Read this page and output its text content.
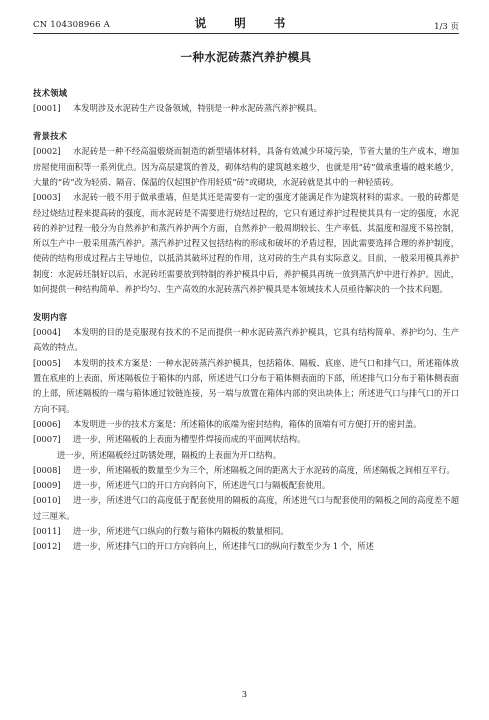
CN 104308966 A	说 明 书	1/3 页
一种水泥砖蒸汽养护模具

技术领域

[0001] 本发明涉及水泥砖生产设备领域，特别是一种水泥砖蒸汽养护模具。

背景技术

[0002] 水泥砖是一种不经高温煅烧而制造的新型墙体材料，具备有效减少环境污染，节省大量的生产成本，增加房屋使用面积等一系列优点。因为高层建筑的普及，砌体结构的建筑越来越少，也就是用“砖”做承重墙的越来越少，大量的“砖”改为轻质、隔音、保温的仅起围护作用轻质“砖”或砌块，水泥砖就是其中的一种轻质砖。

[0003] 水泥砖一般不用于做承重墙，但是其还是需要有一定的强度才能满足作为建筑材料的需求。一般的砖都是经过烧结过程来提高砖的强度，而水泥砖是不需要进行烧结过程的，它只有通过养护过程使其具有一定的强度，水泥砖的养护过程一般分为自然养护和蒸汽养护两个方面，自然养护一般周期较长、生产率低、其温度和湿度不易控制，所以生产中一般采用蒸汽养护。蒸汽养护过程又包括结构的形成和破坏的矛盾过程，因此需要选择合理的养护制度，使砖的结构形成过程占主导地位，以抵消其破坏过程的作用，这对砖的生产具有实际意义。目前，一般采用模具养护制度：水泥砖坯制好以后，水泥砖坯需要放到特制的养护模具中后，养护模具再统一放到蒸汽炉中进行养护。因此，如何提供一种结构简单、养护均匀、生产高效的水泥砖蒸汽养护模具是本领域技术人员亟待解决的一个技术问题。

发明内容

[0004] 本发明的目的是克服现有技术的不足而提供一种水泥砖蒸汽养护模具，它具有结构简单、养护均匀、生产高效的特点。

[0005] 本发明的技术方案是：一种水泥砖蒸汽养护模具，包括箱体、隔板、底座、进气口和排气口，所述箱体放置在底座的上表面，所述隔板位于箱体的内部，所述进气口分布于箱体侧表面的下部，所述排气口分布于箱体侧表面的上部，所述隔板的一端与箱体通过铰链连接，另一端与放置在箱体内部的突出块体上；所述进气口与排气口的开口方向不同。

[0006] 本发明进一步的技术方案是：所述箱体的底端为密封结构，箱体的顶端有可方便打开的密封盖。

[0007] 进一步，所述隔板的上表面为槽型件焊接而成的平面网状结构。

进一步，所述隔板经过防锈处理，隔板的上表面为开口结构。

[0008] 进一步，所述隔板的数量至少为三个，所述隔板之间的距离大于水泥砖的高度，所述隔板之间相互平行。

[0009] 进一步，所述进气口的开口方向斜向下，所述进气口与隔板配套使用。

[0010] 进一步，所述进气口的高度低于配套使用的隔板的高度，所述进气口与配套使用的隔板之间的高度差不超过三厘米。

[0011] 进一步，所述进气口纵向的行数与箱体内隔板的数量相同。

[0012] 进一步，所述排气口的开口方向斜向上，所述排气口的纵向行数至少为 1 个，所述

3
